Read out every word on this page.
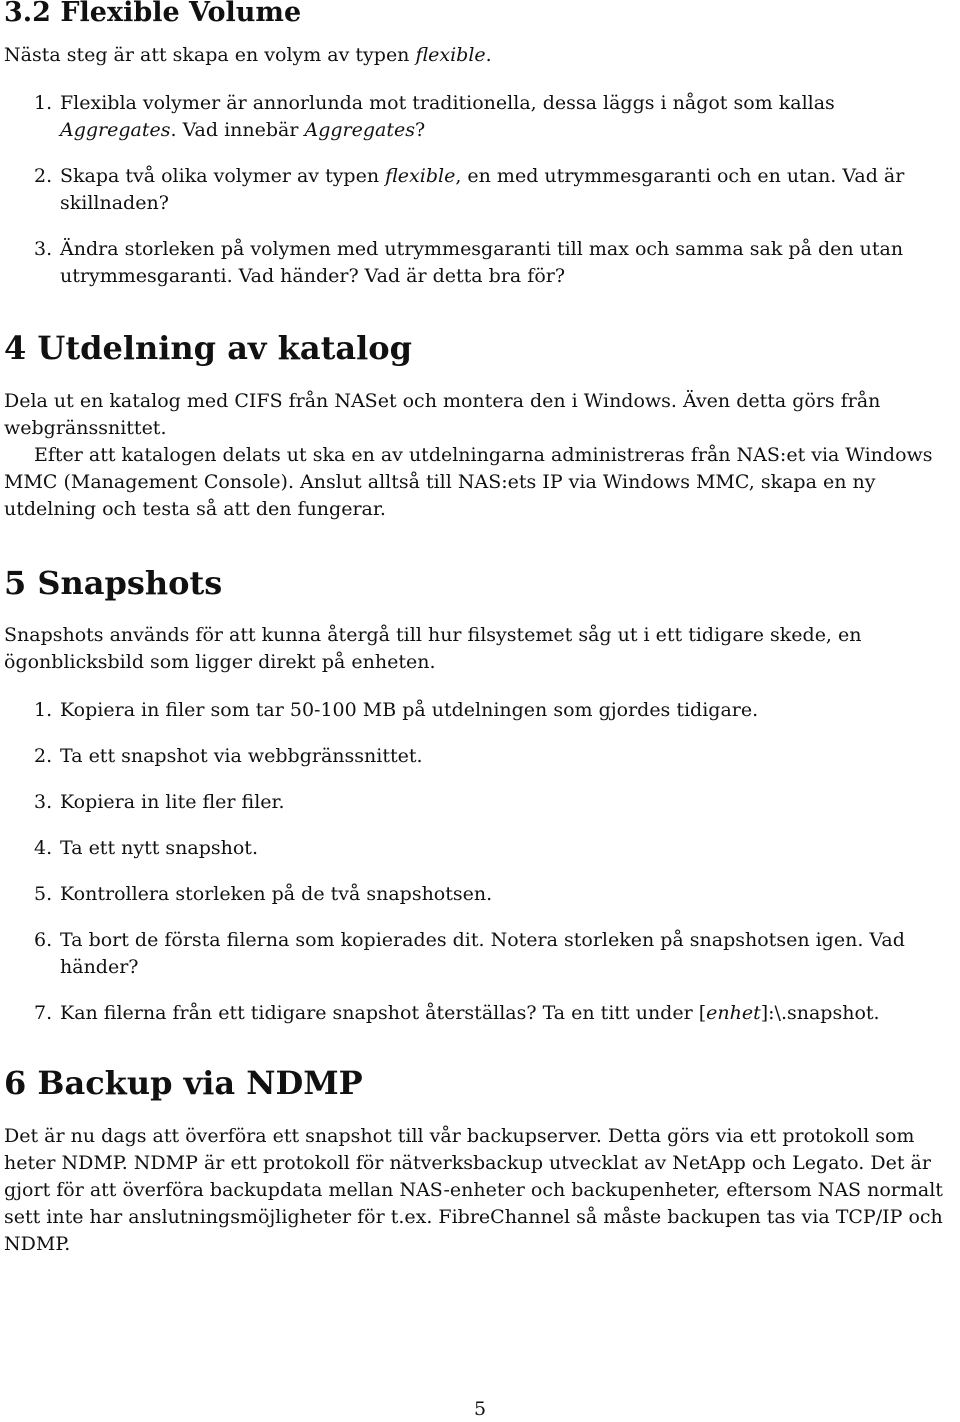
3.2 Flexible Volume

Nästa steg är att skapa en volym av typen flexible.

1. Flexibla volymer är annorlunda mot traditionella, dessa läggs i något som kallas Aggregates. Vad innebär Aggregates?
2. Skapa två olika volymer av typen flexible, en med utrymmesgaranti och en utan. Vad är skillnaden?
3. Ändra storleken på volymen med utrymmesgaranti till max och samma sak på den utan utrymmesgaranti. Vad händer? Vad är detta bra för?
4 Utdelning av katalog

Dela ut en katalog med CIFS från NASet och montera den i Windows. Även detta görs från webgränssnittet.

Efter att katalogen delats ut ska en av utdelningarna administreras från NAS:et via Windows MMC (Management Console). Anslut alltså till NAS:ets IP via Windows MMC, skapa en ny utdelning och testa så att den fungerar.

5 Snapshots

Snapshots används för att kunna återgå till hur filsystemet såg ut i ett tidigare skede, en ögonblicksbild som ligger direkt på enheten.

1. Kopiera in filer som tar 50-100 MB på utdelningen som gjordes tidigare.
2. Ta ett snapshot via webbgränssnittet.
3. Kopiera in lite fler filer.
4. Ta ett nytt snapshot.
5. Kontrollera storleken på de två snapshotsen.
6. Ta bort de första filerna som kopierades dit. Notera storleken på snapshotsen igen. Vad händer?
7. Kan filerna från ett tidigare snapshot återställas? Ta en titt under [enhet]:\.snapshot.
6 Backup via NDMP

Det är nu dags att överföra ett snapshot till vår backupserver. Detta görs via ett protokoll som heter NDMP. NDMP är ett protokoll för nätverksbackup utvecklat av NetApp och Legato. Det är gjort för att överföra backupdata mellan NAS-enheter och backupenheter, eftersom NAS normalt sett inte har anslutningsmöjligheter för t.ex. FibreChannel så måste backupen tas via TCP/IP och NDMP.

5
